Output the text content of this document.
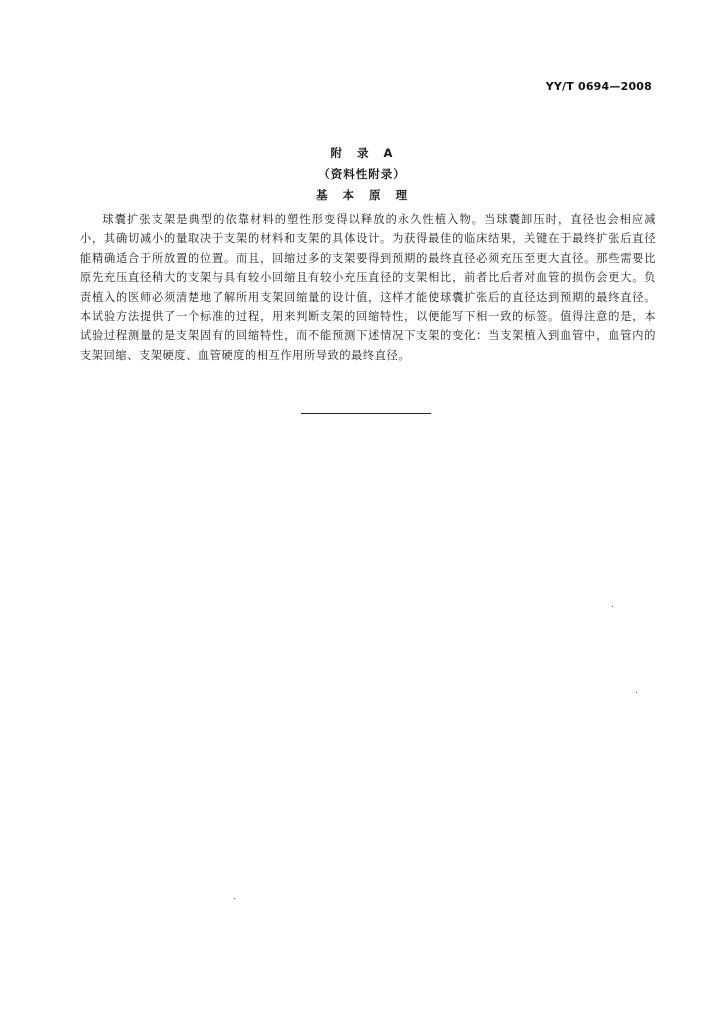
YY/T 0694—2008
附 录 A
（资料性附录）
基 本 原 理
球囊扩张支架是典型的依靠材料的塑性形变得以释放的永久性植入物。当球囊卸压时，直径也会相应减小，其确切减小的量取决于支架的材料和支架的具体设计。为获得最佳的临床结果，关键在于最终扩张后直径能精确适合于所放置的位置。而且，回缩过多的支架要得到预期的最终直径必须充压至更大直径。那些需要比原先充压直径稍大的支架与具有较小回缩且有较小充压直径的支架相比，前者比后者对血管的损伤会更大。负责植入的医师必须清楚地了解所用支架回缩量的设计值，这样才能使球囊扩张后的直径达到预期的最终直径。本试验方法提供了一个标准的过程，用来判断支架的回缩特性，以便能写下相一致的标签。值得注意的是，本试验过程测量的是支架固有的回缩特性，而不能预测下述情况下支架的变化：当支架植入到血管中，血管内的支架回缩、支架硬度、血管硬度的相互作用所导致的最终直径。
